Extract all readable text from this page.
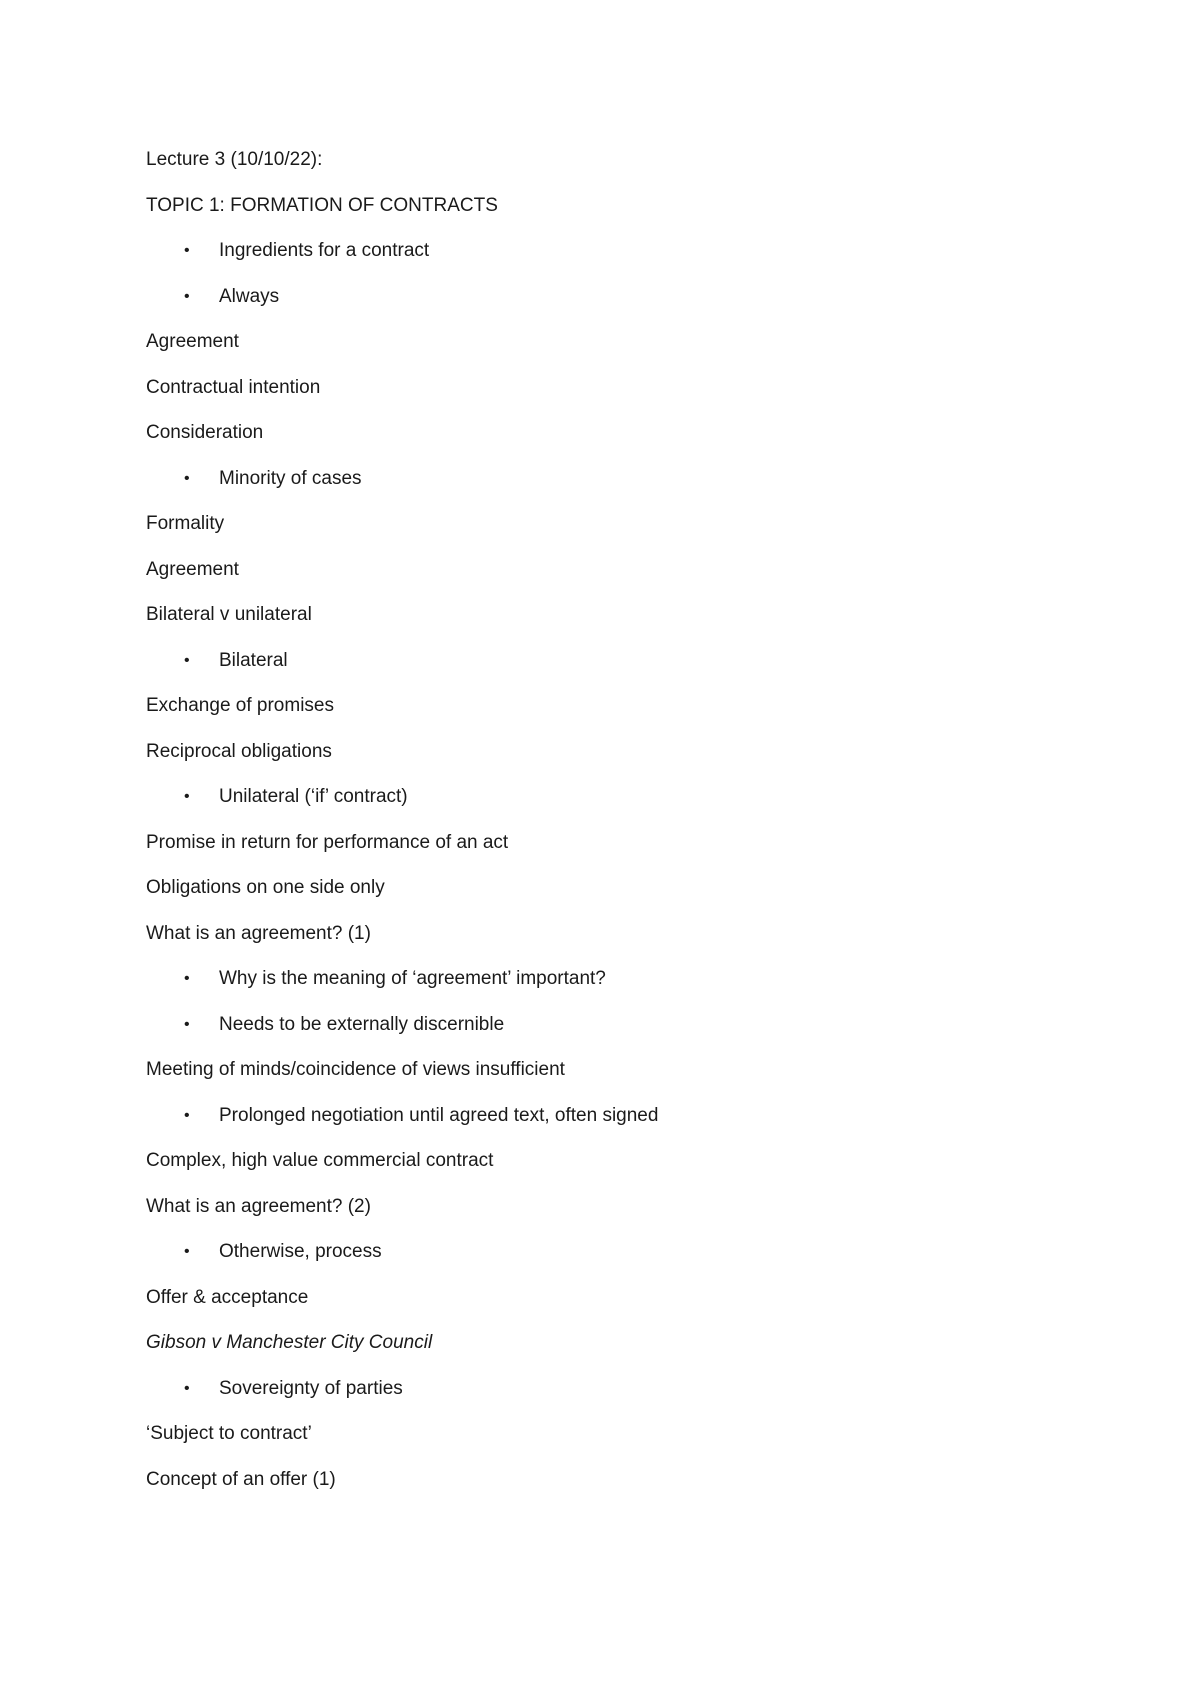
Lecture 3 (10/10/22):
TOPIC 1: FORMATION OF CONTRACTS
•	Ingredients for a contract
•	Always
Agreement
Contractual intention
Consideration
•	Minority of cases
Formality
Agreement
Bilateral v unilateral
•	Bilateral
Exchange of promises
Reciprocal obligations
•	Unilateral (‘if’ contract)
Promise in return for performance of an act
Obligations on one side only
What is an agreement? (1)
•	Why is the meaning of ‘agreement’ important?
•	Needs to be externally discernible
Meeting of minds/coincidence of views insufficient
•	Prolonged negotiation until agreed text, often signed
Complex, high value commercial contract
What is an agreement? (2)
•	Otherwise, process
Offer & acceptance
Gibson v Manchester City Council
•	Sovereignty of parties
‘Subject to contract’
Concept of an offer (1)
